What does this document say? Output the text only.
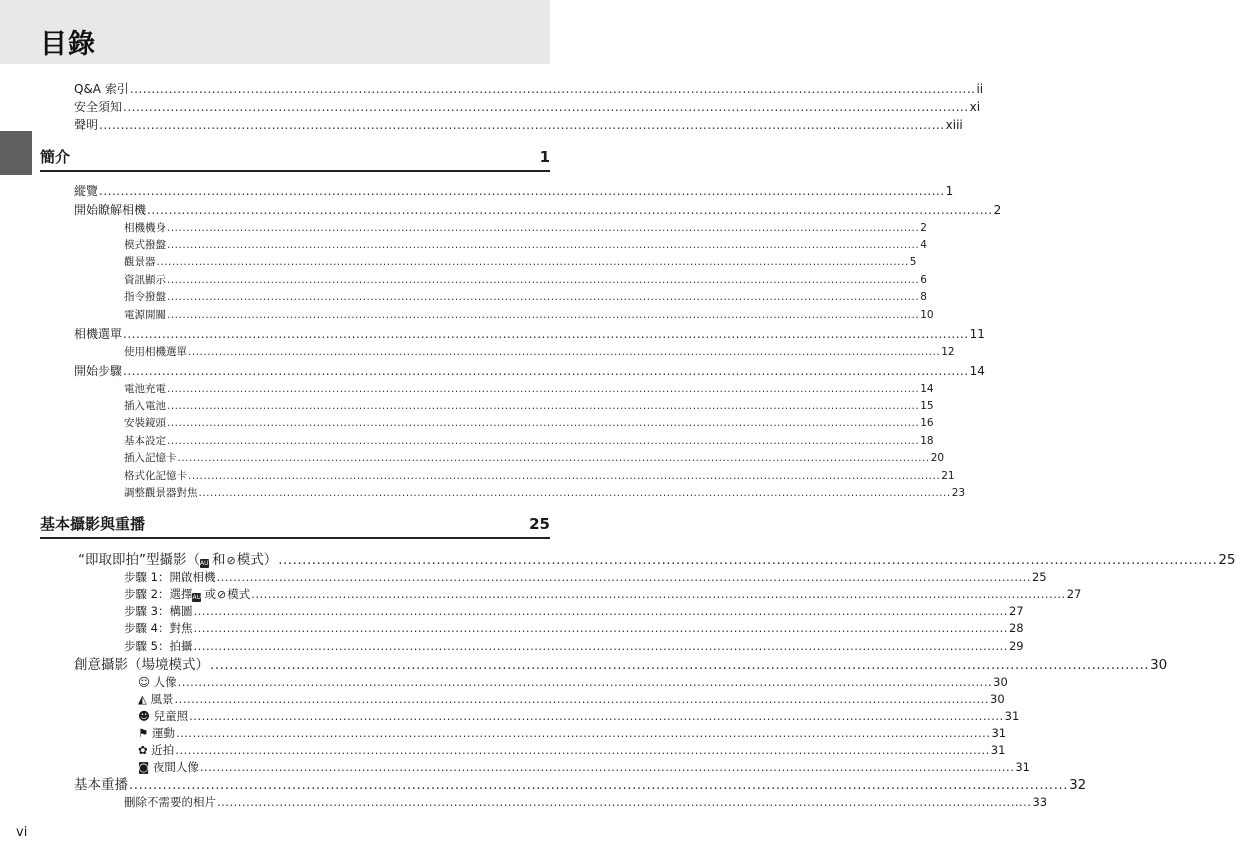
目錄
Q&A 索引 .................................................................................................................................................................................................... ii
安全須知 .................................................................................................................................................................................................... xi
聲明 .................................................................................................................................................................................................... xiii
簡介	1
縱覽 .................................................................................................................................................................................................... 1
開始瞭解相機 .................................................................................................................................................................................................... 2
相機機身 .................................................................................................................................................................................................... 2
模式撥盤 .................................................................................................................................................................................................... 4
觀景器 .................................................................................................................................................................................................... 5
資訊顯示 .................................................................................................................................................................................................... 6
指令撥盤 .................................................................................................................................................................................................... 8
電源開關 .................................................................................................................................................................................................... 10
相機選單 .................................................................................................................................................................................................... 11
使用相機選單 .................................................................................................................................................................................................... 12
開始步驟 .................................................................................................................................................................................................... 14
電池充電 .................................................................................................................................................................................................... 14
插入電池 .................................................................................................................................................................................................... 15
安裝鏡頭 .................................................................................................................................................................................................... 16
基本設定 .................................................................................................................................................................................................... 18
插入記憶卡 .................................................................................................................................................................................................... 20
格式化記憶卡 .................................................................................................................................................................................................... 21
調整觀景器對焦 .................................................................................................................................................................................................... 23
基本攝影與重播	25
“即取即拍”型攝影（AUTO和⊘模式） .................................................................................................................................................................................................... 25
步驟 1：開啟相機 .................................................................................................................................................................................................... 25
步驟 2：選擇AUTO或⊘模式 .................................................................................................................................................................................................... 27
步驟 3：構圖 .................................................................................................................................................................................................... 27
步驟 4：對焦 .................................................................................................................................................................................................... 28
步驟 5：拍攝 .................................................................................................................................................................................................... 29
創意攝影（場境模式） .................................................................................................................................................................................................... 30
☺ 人像 .................................................................................................................................................................................................... 30
◭ 風景 .................................................................................................................................................................................................... 30
☻ 兒童照 .................................................................................................................................................................................................... 31
⚑ 運動 .................................................................................................................................................................................................... 31
✿ 近拍 .................................................................................................................................................................................................... 31
◙ 夜間人像 .................................................................................................................................................................................................... 31
基本重播 .................................................................................................................................................................................................... 32
刪除不需要的相片 .................................................................................................................................................................................................... 33
vi
